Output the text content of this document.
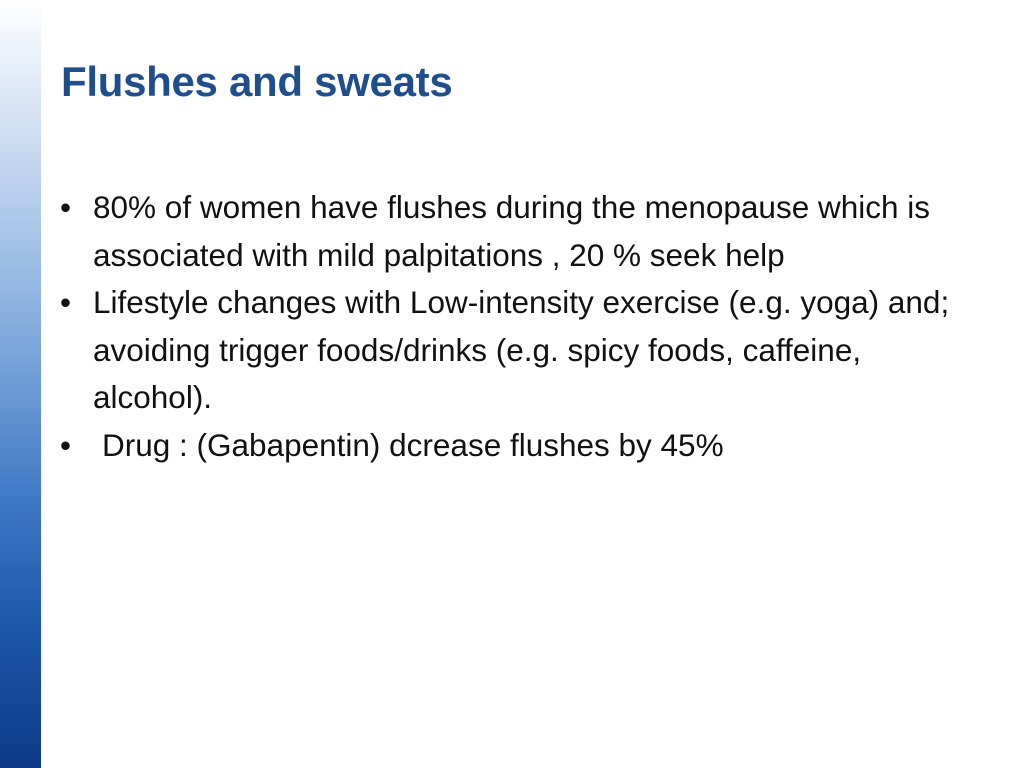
Flushes and sweats
• 80% of women have flushes during the menopause which is associated with mild palpitations , 20 % seek help
• Lifestyle changes with Low-intensity exercise (e.g. yoga) and; avoiding trigger foods/drinks (e.g. spicy foods, caffeine, alcohol).
• Drug : (Gabapentin) dcrease flushes by 45%
